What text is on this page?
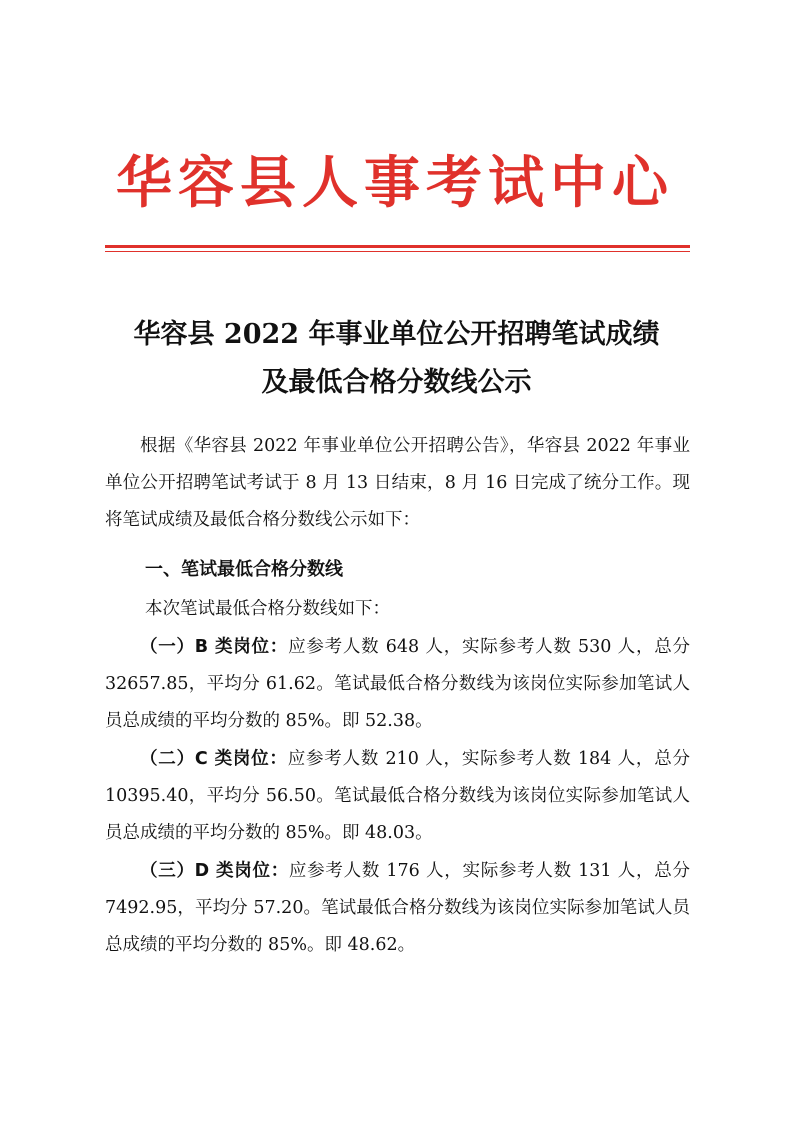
华容县人事考试中心
华容县 2022 年事业单位公开招聘笔试成绩
及最低合格分数线公示
根据《华容县 2022 年事业单位公开招聘公告》，华容县 2022 年事业单位公开招聘笔试考试于 8 月 13 日结束，8 月 16 日完成了统分工作。现将笔试成绩及最低合格分数线公示如下：
一、笔试最低合格分数线
本次笔试最低合格分数线如下：
（一）B 类岗位：应参考人数 648 人，实际参考人数 530 人，总分 32657.85，平均分 61.62。笔试最低合格分数线为该岗位实际参加笔试人员总成绩的平均分数的 85%。即 52.38。
（二）C 类岗位：应参考人数 210 人，实际参考人数 184 人，总分 10395.40，平均分 56.50。笔试最低合格分数线为该岗位实际参加笔试人员总成绩的平均分数的 85%。即 48.03。
（三）D 类岗位：应参考人数 176 人，实际参考人数 131 人，总分 7492.95，平均分 57.20。笔试最低合格分数线为该岗位实际参加笔试人员总成绩的平均分数的 85%。即 48.62。
